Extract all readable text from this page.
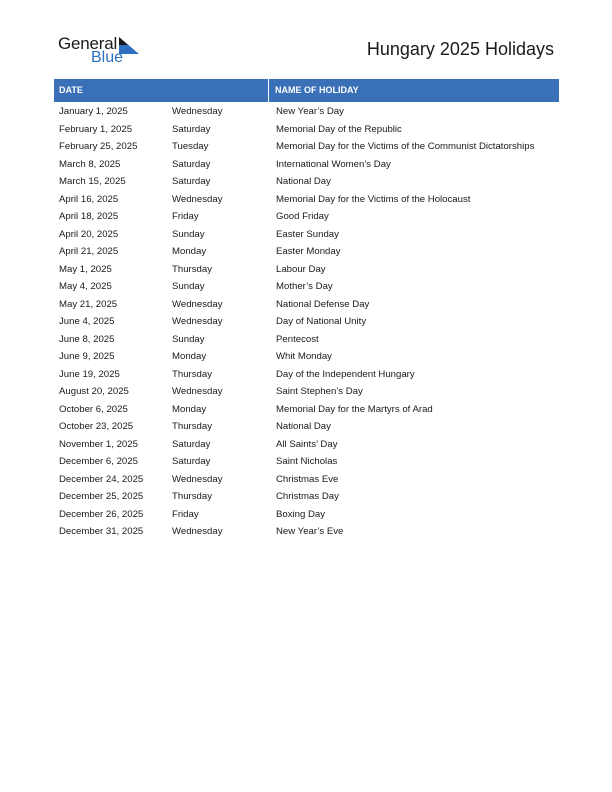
General
Blue	Hungary 2025 Holidays
DATE	NAME OF HOLIDAY
January 1, 2025	Wednesday	New Year’s Day
February 1, 2025	Saturday	Memorial Day of the Republic
February 25, 2025	Tuesday	Memorial Day for the Victims of the Communist Dictatorships
March 8, 2025	Saturday	International Women’s Day
March 15, 2025	Saturday	National Day
April 16, 2025	Wednesday	Memorial Day for the Victims of the Holocaust
April 18, 2025	Friday	Good Friday
April 20, 2025	Sunday	Easter Sunday
April 21, 2025	Monday	Easter Monday
May 1, 2025	Thursday	Labour Day
May 4, 2025	Sunday	Mother’s Day
May 21, 2025	Wednesday	National Defense Day
June 4, 2025	Wednesday	Day of National Unity
June 8, 2025	Sunday	Pentecost
June 9, 2025	Monday	Whit Monday
June 19, 2025	Thursday	Day of the Independent Hungary
August 20, 2025	Wednesday	Saint Stephen’s Day
October 6, 2025	Monday	Memorial Day for the Martyrs of Arad
October 23, 2025	Thursday	National Day
November 1, 2025	Saturday	All Saints’ Day
December 6, 2025	Saturday	Saint Nicholas
December 24, 2025	Wednesday	Christmas Eve
December 25, 2025	Thursday	Christmas Day
December 26, 2025	Friday	Boxing Day
December 31, 2025	Wednesday	New Year’s Eve
